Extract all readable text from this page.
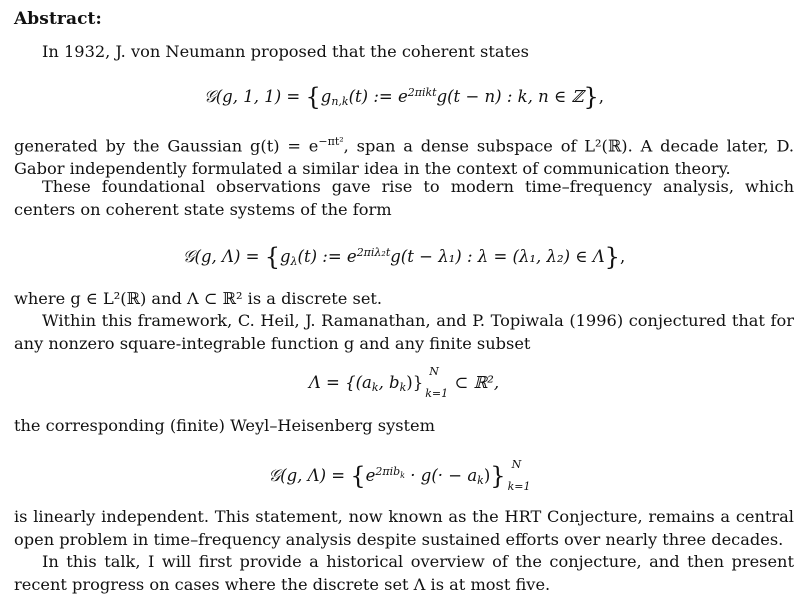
Abstract:
In 1932, J. von Neumann proposed that the coherent states
𝒢(g, 1, $1) = \{g_{n,k}(t)$ := $e^{2\pi ikt}g(t - n)$ : k, n ∈ ℤ},
generated by the Gaussian $g(t) = e^{-\pi t^2}$, span a dense subspace of L²(ℝ). A decade later, D. Gabor independently formulated a similar idea in the context of communication theory.
These foundational observations gave rise to modern time–frequency analysis, which centers on coherent state systems of the form
𝒢(g, $\Lambda) = \{g_\lambda(t)$ := $e^{2\pi i\lambda_2t}g(t - \lambda_1)$ : λ = (λ₁, λ₂) ∈ Λ},
where g ∈ L²(ℝ) and Λ ⊂ ℝ² is a discrete set.
Within this framework, C. Heil, J. Ramanathan, and P. Topiwala (1996) conjectured that for any nonzero square-integrable function g and any finite subset
$\Lambda = \{(a_k$, $b_k$)}
N
k=1
⊂ ℝ²,
the corresponding (finite) Weyl–Heisenberg system
𝒢(g, $\Lambda) = \{e^{2\pi ib_k} \cdot g(\cdot - a_k)\}$ N
k=1
is linearly independent. This statement, now known as the HRT Conjecture, remains a central open problem in time–frequency analysis despite sustained efforts over nearly three decades.
In this talk, I will first provide a historical overview of the conjecture, and then present recent progress on cases where the discrete set Λ is at most five.
